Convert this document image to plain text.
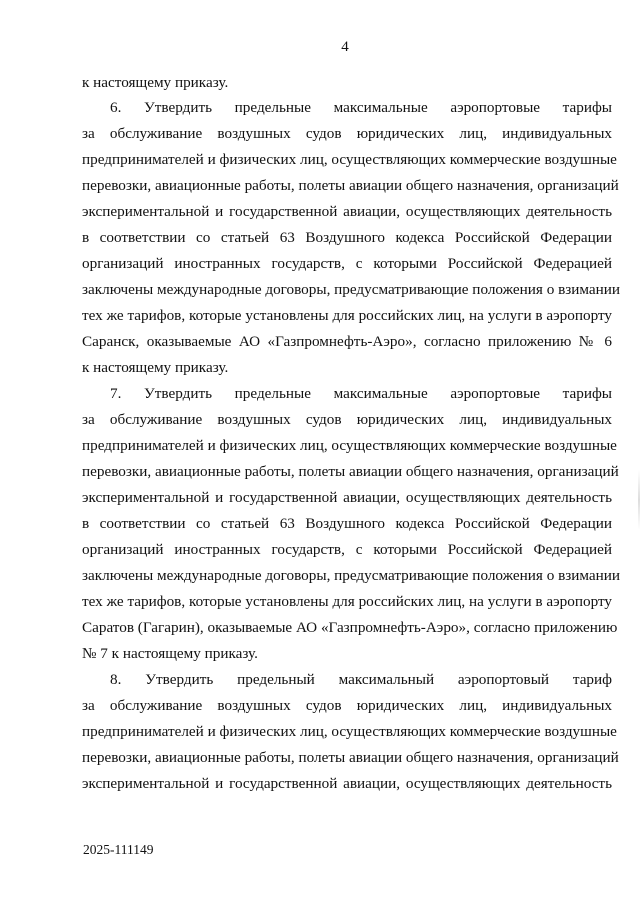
4
к настоящему приказу.
6. Утвердить предельные максимальные аэропортовые тарифы
за обслуживание воздушных судов юридических лиц, индивидуальных
предпринимателей и физических лиц, осуществляющих коммерческие воздушные
перевозки, авиационные работы, полеты авиации общего назначения, организаций
экспериментальной и государственной авиации, осуществляющих деятельность
в соответствии со статьей 63 Воздушного кодекса Российской Федерации
организаций иностранных государств, с которыми Российской Федерацией
заключены международные договоры, предусматривающие положения о взимании
тех же тарифов, которые установлены для российских лиц, на услуги в аэропорту
Саранск, оказываемые АО «Газпромнефть-Аэро», согласно приложению № 6
к настоящему приказу.
7. Утвердить предельные максимальные аэропортовые тарифы
за обслуживание воздушных судов юридических лиц, индивидуальных
предпринимателей и физических лиц, осуществляющих коммерческие воздушные
перевозки, авиационные работы, полеты авиации общего назначения, организаций
экспериментальной и государственной авиации, осуществляющих деятельность
в соответствии со статьей 63 Воздушного кодекса Российской Федерации
организаций иностранных государств, с которыми Российской Федерацией
заключены международные договоры, предусматривающие положения о взимании
тех же тарифов, которые установлены для российских лиц, на услуги в аэропорту
Саратов (Гагарин), оказываемые АО «Газпромнефть-Аэро», согласно приложению
№ 7 к настоящему приказу.
8. Утвердить предельный максимальный аэропортовый тариф
за обслуживание воздушных судов юридических лиц, индивидуальных
предпринимателей и физических лиц, осуществляющих коммерческие воздушные
перевозки, авиационные работы, полеты авиации общего назначения, организаций
экспериментальной и государственной авиации, осуществляющих деятельность
2025-111149
